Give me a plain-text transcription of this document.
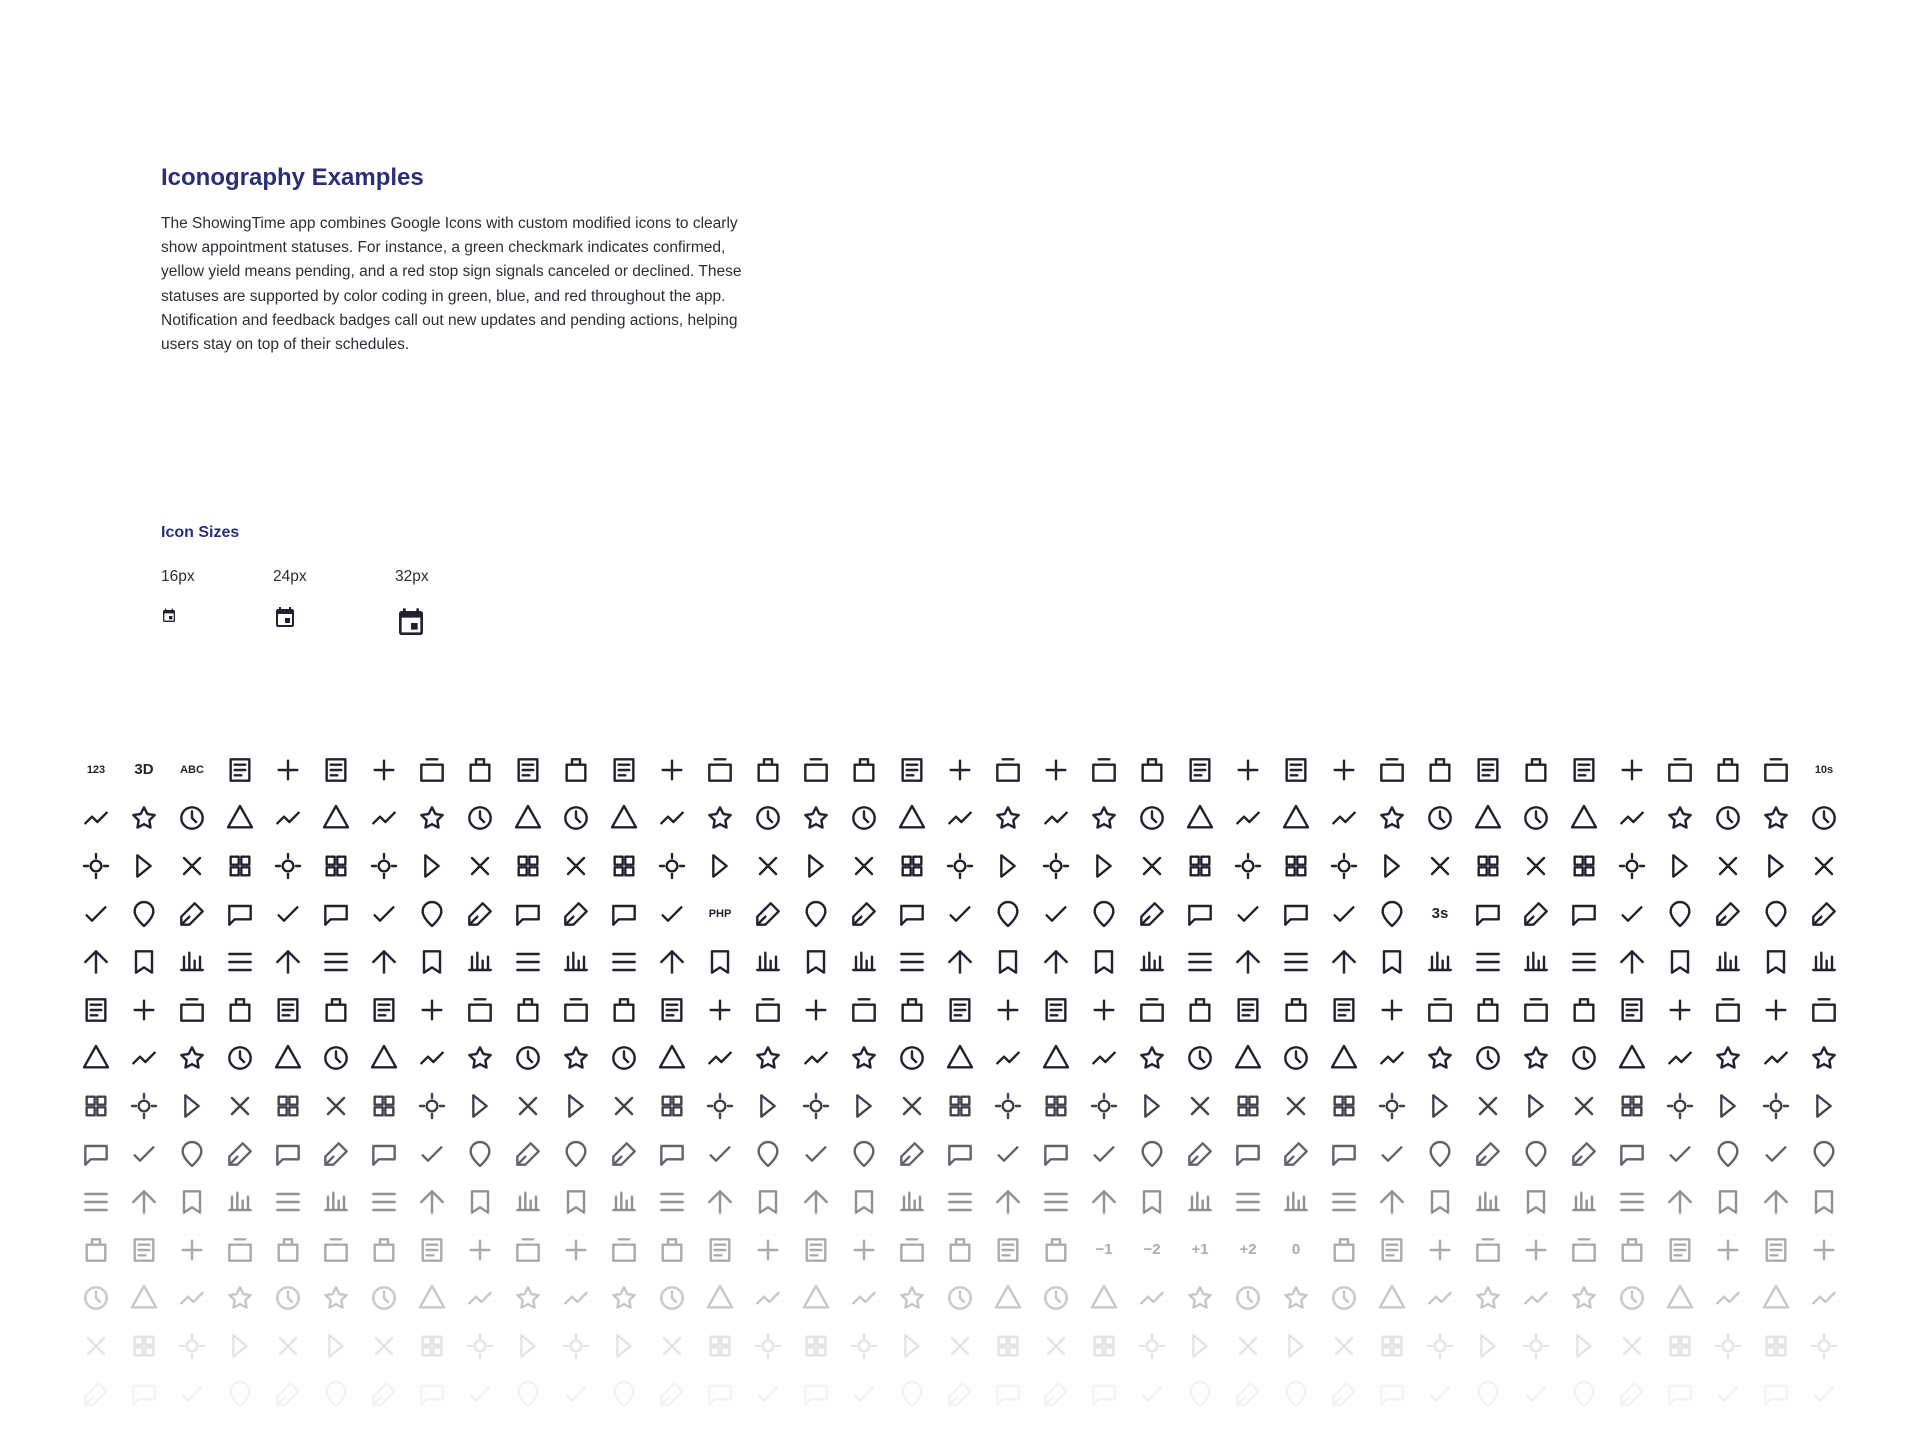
Iconography Examples
The ShowingTime app combines Google Icons with custom modified icons to clearly
show appointment statuses. For instance, a green checkmark indicates confirmed,
yellow yield means pending, and a red stop sign signals canceled or declined. These
statuses are supported by color coding in green, blue, and red throughout the app.
Notification and feedback badges call out new updates and pending actions, helping
users stay on top of their schedules.
Icon Sizes
16px	24px	32px
123	3D	ABC	10s
PHP	3s
−1	−2	+1	+2	0
